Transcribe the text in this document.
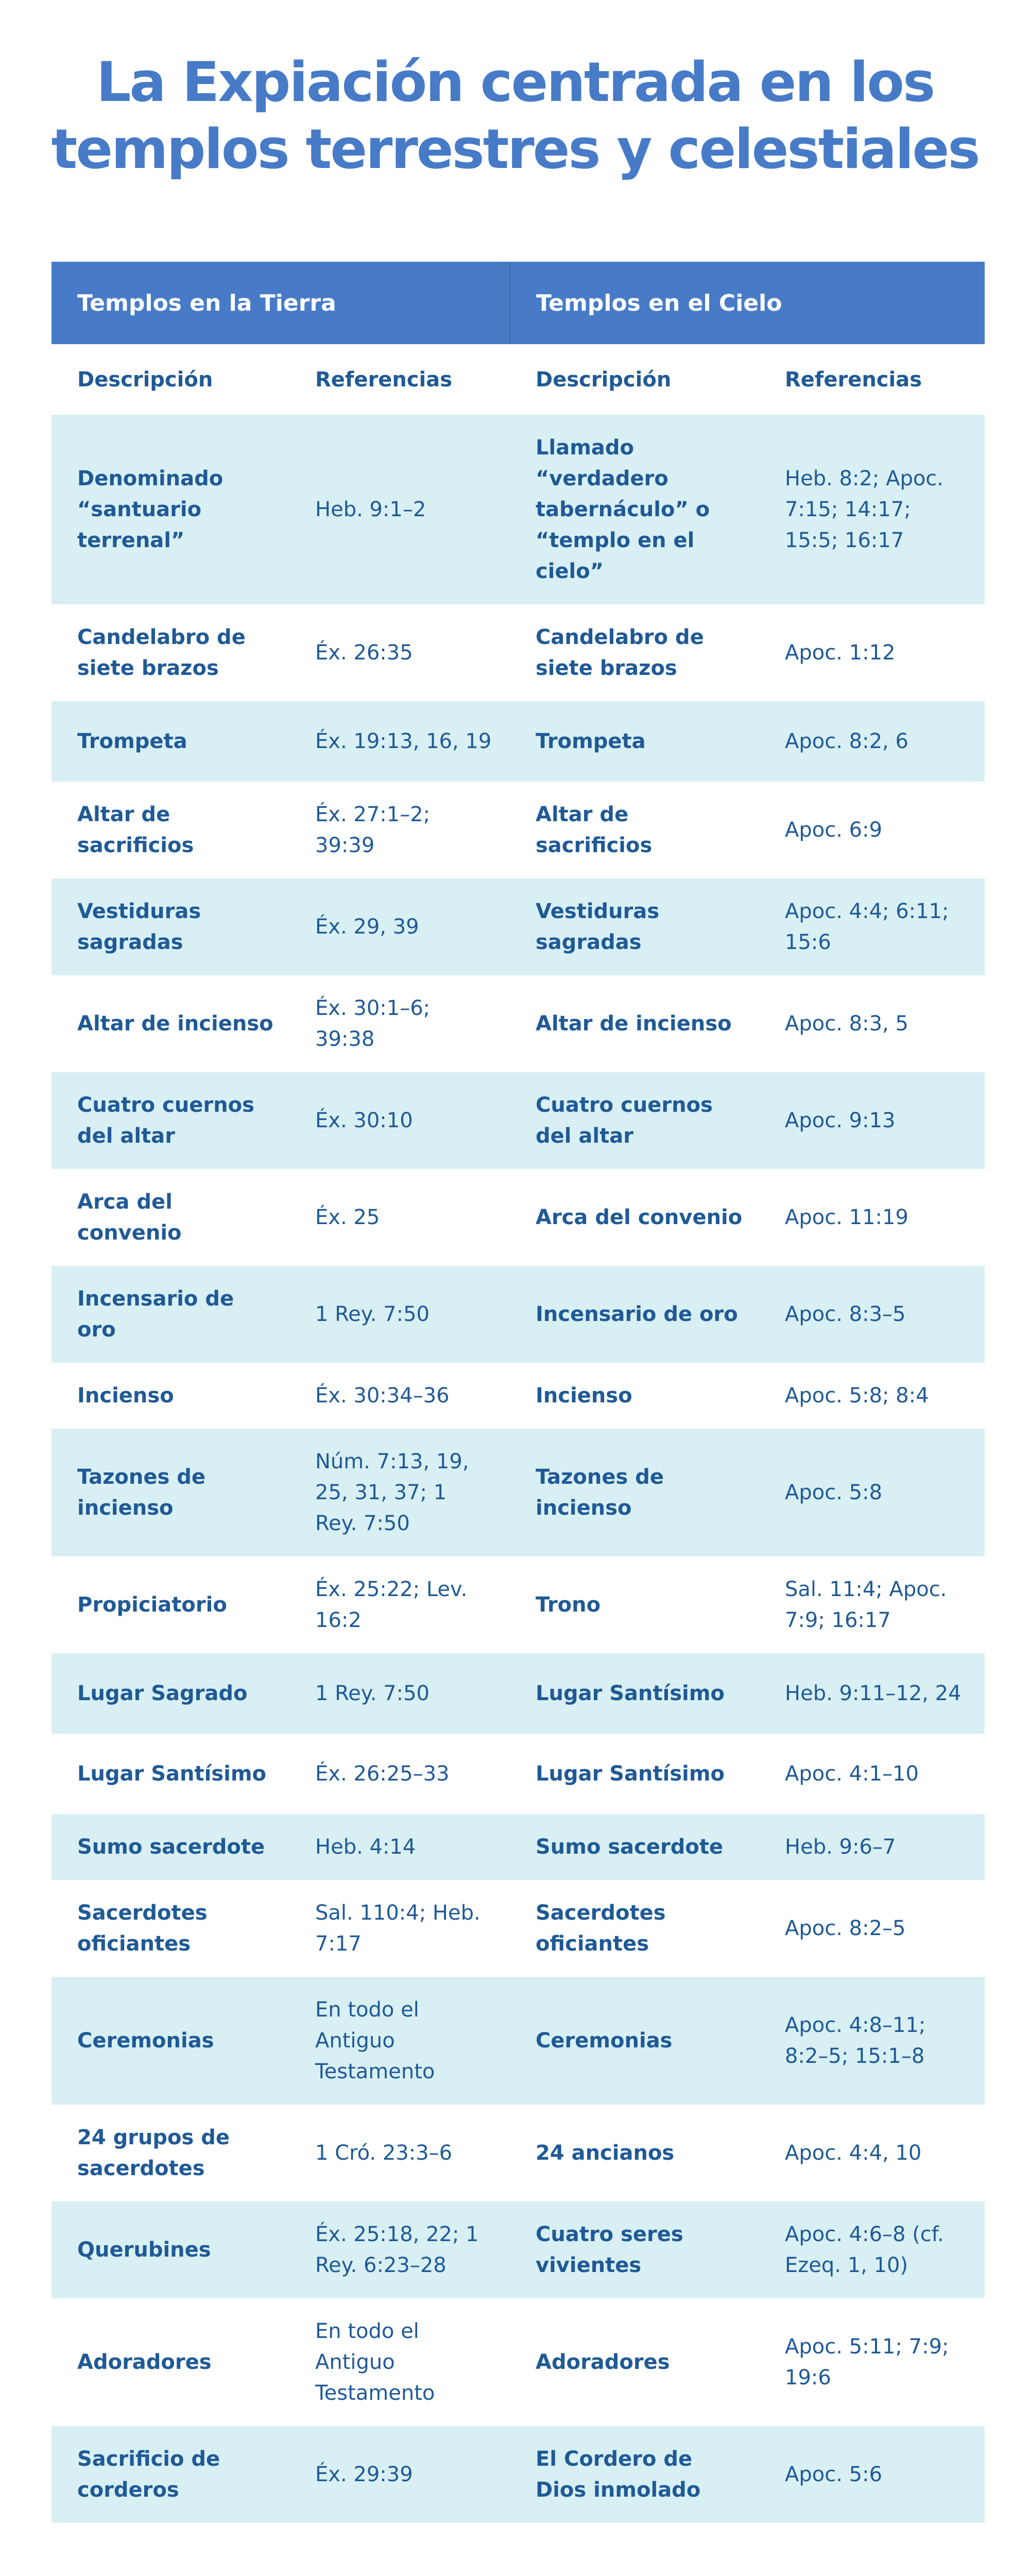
La Expiación centrada en los
templos terrestres y celestiales
Templos en la Tierra		Templos en el Cielo	
Descripción	Referencias	Descripción	Referencias
Denominado “santuario terrenal”	Heb. 9:1–2	Llamado “verdadero tabernáculo” o “templo en el cielo”	Heb. 8:2; Apoc. 7:15; 14:17; 15:5; 16:17
Candelabro de siete brazos	Éx. 26:35	Candelabro de siete brazos	Apoc. 1:12
Trompeta	Éx. 19:13, 16, 19	Trompeta	Apoc. 8:2, 6
Altar de sacrificios	Éx. 27:1–2; 39:39	Altar de sacrificios	Apoc. 6:9
Vestiduras sagradas	Éx. 29, 39	Vestiduras sagradas	Apoc. 4:4; 6:11; 15:6
Altar de incienso	Éx. 30:1–6; 39:38	Altar de incienso	Apoc. 8:3, 5
Cuatro cuernos del altar	Éx. 30:10	Cuatro cuernos del altar	Apoc. 9:13
Arca del convenio	Éx. 25	Arca del convenio	Apoc. 11:19
Incensario de oro	1 Rey. 7:50	Incensario de oro	Apoc. 8:3–5
Incienso	Éx. 30:34–36	Incienso	Apoc. 5:8; 8:4
Tazones de incienso	Núm. 7:13, 19, 25, 31, 37; 1 Rey. 7:50	Tazones de incienso	Apoc. 5:8
Propiciatorio	Éx. 25:22; Lev. 16:2	Trono	Sal. 11:4; Apoc. 7:9; 16:17
Lugar Sagrado	1 Rey. 7:50	Lugar Santísimo	Heb. 9:11–12, 24
Lugar Santísimo	Éx. 26:25–33	Lugar Santísimo	Apoc. 4:1–10
Sumo sacerdote	Heb. 4:14	Sumo sacerdote	Heb. 9:6–7
Sacerdotes oficiantes	Sal. 110:4; Heb. 7:17	Sacerdotes oficiantes	Apoc. 8:2–5
Ceremonias	En todo el Antiguo Testamento	Ceremonias	Apoc. 4:8–11; 8:2–5; 15:1–8
24 grupos de sacerdotes	1 Cró. 23:3–6	24 ancianos	Apoc. 4:4, 10
Querubines	Éx. 25:18, 22; 1 Rey. 6:23–28	Cuatro seres vivientes	Apoc. 4:6–8 (cf. Ezeq. 1, 10)
Adoradores	En todo el Antiguo Testamento	Adoradores	Apoc. 5:11; 7:9; 19:6
Sacrificio de corderos	Éx. 29:39	El Cordero de Dios inmolado	Apoc. 5:6
